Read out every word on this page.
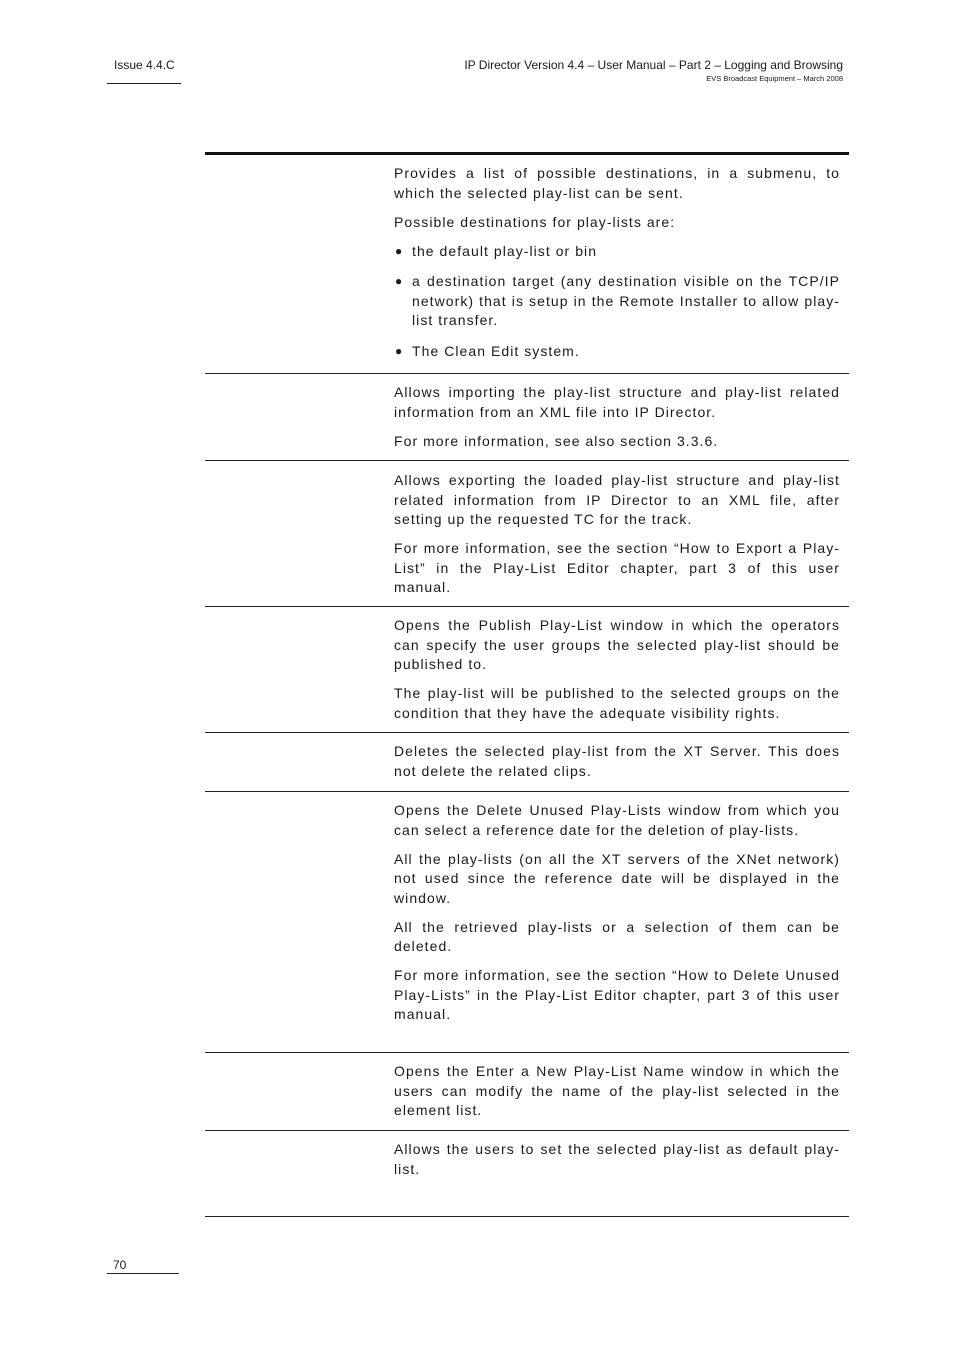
Issue 4.4.C	IP Director Version 4.4 – User Manual – Part 2 – Logging and Browsing
EVS Broadcast Equipment – March 2008

Provides a list of possible destinations, in a submenu, to which the selected play-list can be sent.

Possible destinations for play-lists are:

● the default play-list or bin
● a destination target (any destination visible on the TCP/IP network) that is setup in the Remote Installer to allow play-list transfer.
● The Clean Edit system.

Allows importing the play-list structure and play-list related information from an XML file into IP Director.

For more information, see also section 3.3.6.

Allows exporting the loaded play-list structure and play-list related information from IP Director to an XML file, after setting up the requested TC for the track.

For more information, see the section “How to Export a Play-List” in the Play-List Editor chapter, part 3 of this user manual.

Opens the Publish Play-List window in which the operators can specify the user groups the selected play-list should be published to.

The play-list will be published to the selected groups on the condition that they have the adequate visibility rights.

Deletes the selected play-list from the XT Server. This does not delete the related clips.

Opens the Delete Unused Play-Lists window from which you can select a reference date for the deletion of play-lists.

All the play-lists (on all the XT servers of the XNet network) not used since the reference date will be displayed in the window.

All the retrieved play-lists or a selection of them can be deleted.

For more information, see the section “How to Delete Unused Play-Lists” in the Play-List Editor chapter, part 3 of this user manual.

Opens the Enter a New Play-List Name window in which the users can modify the name of the play-list selected in the element list.

Allows the users to set the selected play-list as default play-list.

70
